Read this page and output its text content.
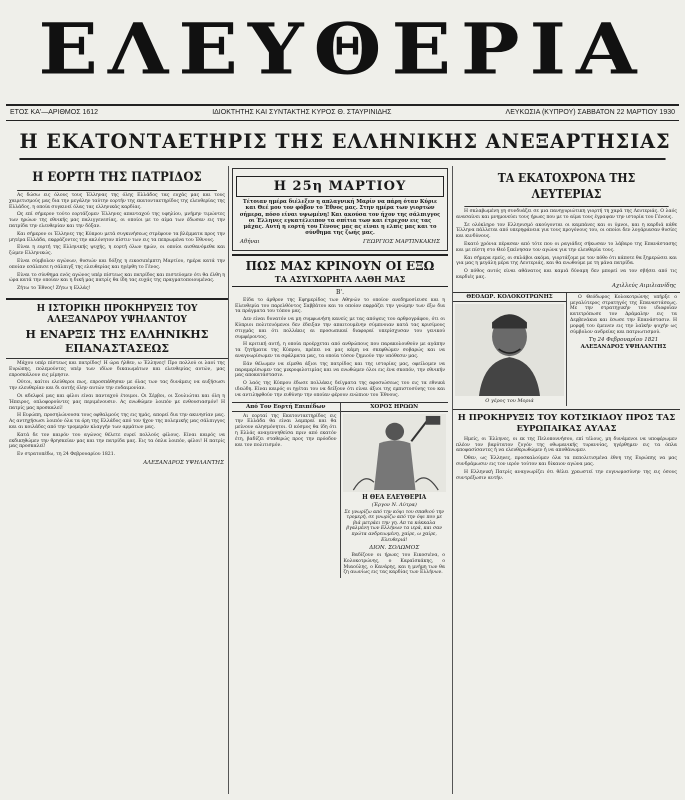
ΕΛΕΥΘΕΡΙΑ
ΕΤΟΣ ΚΑ'—ΑΡΙΘΜΟΣ 1612	ΙΔΙΟΚΤΗΤΗΣ ΚΑΙ ΣΥΝΤΑΚΤΗΣ ΚΥΡΟΣ Θ. ΣΤΑΥΡΙΝΙΔΗΣ	ΛΕΥΚΩΣΙΑ (ΚΥΠΡΟΥ) ΣΑΒΒΑΤΟΝ 22 ΜΑΡΤΙΟΥ 1930
Η ΕΚΑΤΟΝΤΑΕΤΗΡΙΣ ΤΗΣ ΕΛΛΗΝΙΚΗΣ ΑΝΕΞΑΡΤΗΣΙΑΣ
Η ΕΟΡΤΗ ΤΗΣ ΠΑΤΡΙΔΟΣ

Ας δώσω εις όλους τους Έλληνας της όλης Ελλάδος τας ευχάς μας και τους χαιρετισμούς μας δια την μεγάλην ταύτην εορτήν της εκατονταετηρίδος της ελευθερίας της Ελλάδος, η οποία συγκινεί όλας τας ελληνικάς καρδίας.

Ως επί σήμερον τούτο εορτάζομεν Έλληνες απανταχού της υφηλίου, μνήμην τιμώντες των ηρώων της εθνικής μας παλιγγενεσίας, οι οποίοι με το αίμα των έδωσαν εις την πατρίδα την ελευθερίαν και την δόξαν.

Και σήμερον οι Έλληνες της Κύπρου μετά συγκινήσεως στρέφουν τα βλέμματα προς την μητέρα Ελλάδα, εκφράζοντες την ακλόνητον πίστιν των εις τα πεπρωμένα του Έθνους.

Είναι η εορτή της Ελληνικής ψυχής, η εορτή όλων ημών, οι οποίοι αισθανόμεθα και ζώμεν Ελληνικώς.

Είναι σύμβολον αγώνων, θυσιών και δόξης η εικοσιπέμπτη Μαρτίου, ημέρα κατά την οποίαν εσάλπισε η σάλπιγξ της ελευθερίας και ηγέρθη το Γένος.

Είναι το σύνθημα ενός αγώνος υπέρ πίστεως και πατρίδος και πιστεύομεν ότι θα έλθη η ώρα κατά την οποίαν και η δική μας πατρίς θα ίδη τας ευχάς της πραγματοποιουμένας.

Ζήτω το Έθνος! Ζήτω η Ελλάς!

Η ΙΣΤΟΡΙΚΗ ΠΡΟΚΗΡΥΞΙΣ ΤΟΥ ΑΛΕΞΑΝΔΡΟΥ ΥΨΗΛΑΝΤΟΥ
Η ΕΝΑΡΞΙΣ ΤΗΣ ΕΛΛΗΝΙΚΗΣ ΕΠΑΝΑΣΤΑΣΕΩΣ

Μάχου υπέρ πίστεως και πατρίδος! Η ώρα ήλθεν, ω Έλληνες! Προ πολλού οι λαοί της Ευρώπης, πολεμούντες υπέρ των ιδίων δικαιωμάτων και ελευθερίας αυτών, μας επροσκάλουν εις μίμησιν.

Ούτοι, καίτοι ελεύθεροι πως, επροσπάθησαν με όλας των τας δυνάμεις να αυξήσωσι την ελευθερίαν και δι αυτής όλην αυτών την ευδαιμονίαν.

Οι αδελφοί μας και φίλοι είναι πανταχού έτοιμοι. Οι Σέρβοι, οι Σουλιώται και όλη η Ήπειρος, οπλοφορούντες μας περιμένουσιν. Ας ενωθώμεν λοιπόν με ενθουσιασμόν! Η πατρίς μας προσκαλεί!

Η Ευρώπη, προσηλώνουσα τους οφθαλμούς της εις ημάς, απορεί δια την ακινησίαν μας. Ας αντηχήσωσι λοιπόν όλα τα όρη της Ελλάδος από τον ήχον της πολεμικής μας σάλπιγγος και αι κοιλάδες από την τρομεράν κλαγγήν των αρμάτων μας.

Κατά δε τον καιρόν του αγώνος θέλετε ευρεί πολλούς φίλους. Είναι καιρός να εκδικηθώμεν την θρησκείαν μας και την πατρίδα μας. Εις τα όπλα λοιπόν, φίλοι! Η πατρίς μας προσκαλεί!

Εν στρατοπέδω, τη 24 Φεβρουαρίου 1821.

ΑΛΕΞΑΝΔΡΟΣ ΥΨΗΛΑΝΤΗΣ
Η 25η ΜΑΡΤΙΟΥ

Τέτοιαν ημέρα διέλεξεν η απλαγνική Μαρίν να πάρη όταν Κύριε και Θεέ μου τον φόβον το Έθνος μας. Στην ημέρα των γιορτών σήμερα, πόσο είναι υψωμένη! Και ακούσα τον ήχον της σάλπιγγος οι Έλληνες εγκατέλειπον τα σπίτια των και έτρεχον εις τας μάχας. Αυτή η εορτή του Γένους μας ας είναι η ελπίς μας και το σύνθημα της ζωής μας.

Αθήναι	ΓΕΩΡΓΙΟΣ ΜΑΡΤΙΝΚΑΚΗΣ
ΠΩΣ ΜΑΣ ΚΡΙΝΟΥΝ ΟΙ ΕΞΩ
ΤΑ ΑΣΥΓΧΩΡΗΤΑ ΛΑΘΗ ΜΑΣ
Β'.

Είδα το άρθρον της Εφημερίδος των Αθηνών το οποίον ανεδημοσίευσε και η Ελευθερία του παρελθόντος Σαββάτου και το οποίον εκφράζει την γνώμην των έξω δια τα πράγματα του τόπου μας.

Δεν είναι δυνατόν να μη συμφωνήση κανείς με τας απόψεις του αρθρογράφου, ότι οι Κύπριοι πολιτευόμενοι δεν έδειξαν την απαιτουμένην σύμπνοιαν κατά τας κρισίμους στιγμάς και ότι πολλάκις αι προσωπικαί διαφοραί υπερίσχυσαν του γενικού συμφέροντος.

Η κριτική αυτή, η οποία προέρχεται από ανθρώπους που παρακολουθούν με αγάπην τα ζητήματα της Κύπρου, πρέπει να μας κάμη να σκεφθώμεν σοβαρώς και να αναγνωρίσωμεν τα σφάλματα μας, τα οποία τόσον ζημιούν την υπόθεσιν μας.

Εάν θέλωμεν να είμεθα άξιοι της πατρίδος και της ιστορίας μας, οφείλομεν να παραμερίσωμεν τας μικροφιλοτιμίας και να ενωθώμεν όλοι εις ένα σκοπόν, την εθνικήν μας αποκατάστασιν.

Ο λαός της Κύπρου έδωσε πολλάκις δείγματα της αφοσιώσεως του εις τα εθνικά ιδεώδη. Είναι καιρός οι ηγέται του να δείξουν ότι είναι άξιοι της εμπιστοσύνης του και να αντιληφθούν την ευθύνην την οποίαν φέρουν ενώπιον του Έθνους.

Από Τον Εορτή Επιπέδων

Αι εορταί της Εκατονταετηρίδος εις την Ελλάδα θα είναι λαμπραί και θα μείνουν αλησμόνητοι. Ο κόσμος θα ίδη ότι η Ελλάς αναγεννηθείσα πριν από εκατόν έτη, βαδίζει σταθερώς προς την πρόοδον και τον πολιτισμόν.

ΧΟΡΟΣ ΗΡΩΩΝ
Η ΘΕΑ ΕΛΕΥΘΕΡΙΑ
(Έργον Ν. Λύτρα)

Σε γνωρίζω από την κόψι του σπαθιού την τρομερή, σε γνωρίζω από την όψι που με βιά μετράει την γη. Απ τα κόκκαλα βγαλμένη των Ελλήνων τα ιερά, και σαν πρώτα ανδρειωμένη, χαίρε, ω χαίρε, Ελευθεριά!

ΔΙΟΝ. ΣΟΛΩΜΟΣ

Βαδίζουν οι ήρωες του Εικοσιένα, ο Κολοκοτρώνης, ο Καραϊσκάκης, ο Μιαούλης, ο Κανάρης, και η μνήμη των θα ζη αιωνίως εις τας καρδίας των Ελλήνων.

ΤΑ ΕΚΑΤΟΧΡΟΝΑ ΤΗΣ ΛΕΥΤΕΡΙΑΣ

Η σκλαβωμένη γη συνδυάζει σε μια πανηγυριώτικη γιορτή τη χαρά της Λευτεριάς. Ο λαός ανασαίνει και μνημονεύει τους ήρωες που με το αίμα τους έγραψαν την ιστορία του Γένους.

Σε ολόκληρο τον Ελληνισμό ακούγονται οι καμπάνες και οι ύμνοι, και η καρδιά κάθε Έλληνα πάλλεται από υπερηφάνεια για τους προγόνους του, οι οποίοι δεν λογάριασαν θυσίες και κινδύνους.

Εκατό χρόνια πέρασαν από τότε που οι ραγιάδες σήκωσαν το λάβαρο της Επανάστασης και με πίστη στο Θεό ξεκίνησαν τον αγώνα για την ελευθερία τους.

Και σήμερα εμείς, οι σκλάβοι ακόμα, γιορτάζομε με τον πόθο ότι κάποτε θα ξημερώσει και για μας η μεγάλη μέρα της Λευτεριάς, και θα ενωθούμε με τη μάνα πατρίδα.

Ο πόθος αυτός είναι αθάνατος και καμιά δύναμη δεν μπορεί να τον σβήσει από τις καρδιές μας.

Αχιλλεύς Αιμιλιανίδης
ΘΕΟΔΩΡ. ΚΟΛΟΚΟΤΡΩΝΗΣ
Ο γέρος του Μοριά

Ο Θεόδωρος Κολοκοτρώνης υπήρξε ο μεγαλύτερος στρατηγός της Επαναστάσεως. Με την στρατηγικήν του ιδιοφυΐαν κατετρόπωσε τον Δράμαλην εις τα Δερβενάκια και έσωσε την Επανάστασιν. Η μορφή του έμεινεν εις την λαϊκήν ψυχήν ως σύμβολον ανδρείας και πατριωτισμού.

Τη 24 Φεβρουαρίου 1821
ΑΛΕΞΑΝΔΡΟΣ ΥΨΗΛΑΝΤΗΣ
Η ΠΡΟΚΗΡΥΞΙΣ ΤΟΥ ΚΟΤΣΙΚΙΔΟΥ ΠΡΟΣ ΤΑΣ ΕΥΡΩΠΑΙΚΑΣ ΑΥΛΑΣ

Ημείς, οι Έλληνες, οι εκ της Πελοποννήσου, επί τέλους, μη δυνάμενοι να υποφέρωμεν πλέον τον βαρύτατον ζυγόν της οθωμανικής τυραννίας, ηγέρθημεν εις τα όπλα αποφασίσαντες ή να ελευθερωθώμεν ή να αποθάνωμεν.

Όθεν, ως Έλληνες, προσκαλούμεν όλα τα πεπολιτισμένα έθνη της Ευρώπης να μας συνδράμωσιν εις τον ιερόν τούτον και δίκαιον αγώνα μας.

Η Ελληνική Πατρίς αναγνωρίζει ότι θέλει χρεωστεί την ευγνωμοσύνην της εις όσους συντρέξωσιν αυτήν.
